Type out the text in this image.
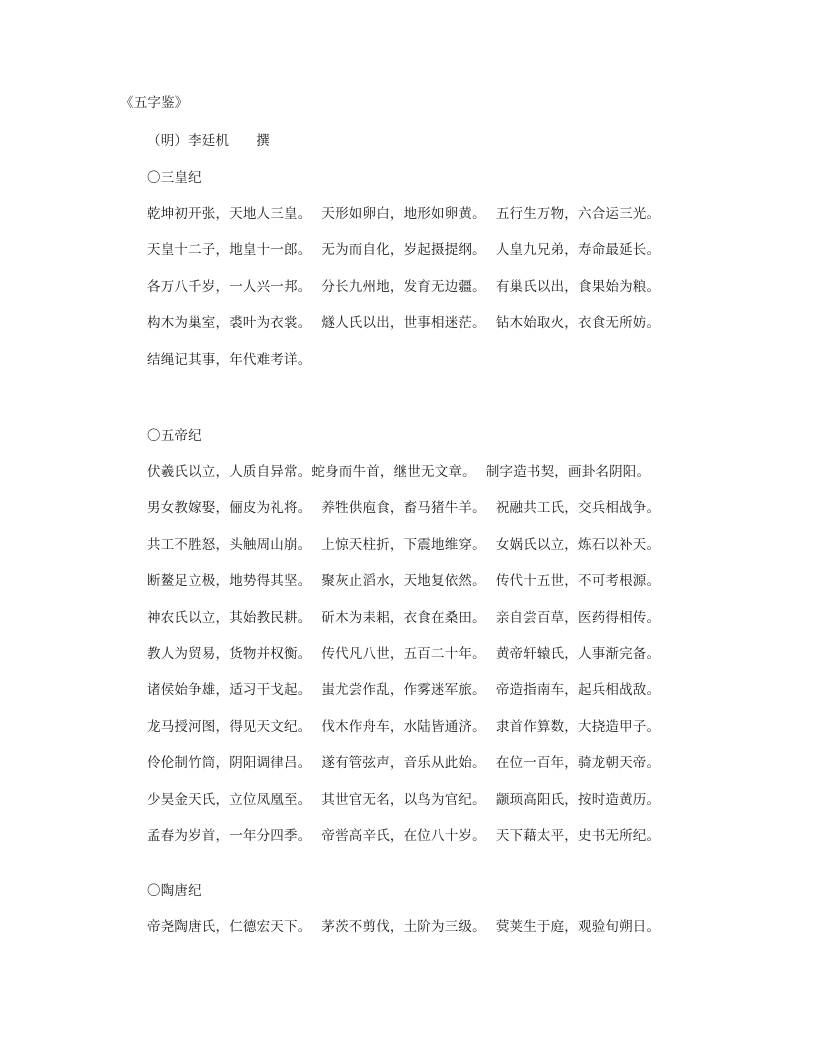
《五字鉴》
（明）李廷机      撰
〇三皇纪
乾坤初开张，天地人三皇。 天形如卵白，地形如卵黄。 五行生万物，六合运三光。
天皇十二子，地皇十一郎。 无为而自化，岁起摄提纲。 人皇九兄弟，寿命最延长。
各万八千岁，一人兴一邦。 分长九州地，发育无边疆。 有巢氏以出，食果始为粮。
构木为巢室，裘叶为衣裳。 燧人氏以出，世事相迷茫。 钻木始取火，衣食无所妨。
结绳记其事，年代难考详。
〇五帝纪
伏羲氏以立，人质自异常。蛇身而牛首，继世无文章。 制字造书契，画卦名阴阳。
男女教嫁娶，俪皮为礼将。 养牲供庖食，畜马猪牛羊。 祝融共工氏，交兵相战争。
共工不胜怒，头触周山崩。 上惊天柱折，下震地维穿。 女娲氏以立，炼石以补天。
断鳌足立极，地势得其坚。 聚灰止滔水，天地复依然。 传代十五世，不可考根源。
神农氏以立，其始教民耕。 斫木为耒耜，衣食在桑田。 亲自尝百草，医药得相传。
教人为贸易，货物并权衡。 传代凡八世，五百二十年。 黄帝轩辕氏，人事渐完备。
诸侯始争雄，适习干戈起。 蚩尤尝作乱，作雾迷军旅。 帝造指南车，起兵相战敌。
龙马授河图，得见天文纪。 伐木作舟车，水陆皆通济。 隶首作算数，大挠造甲子。
伶伦制竹筒，阴阳调律吕。 遂有管弦声，音乐从此始。 在位一百年，骑龙朝天帝。
少昊金天氏，立位凤凰至。 其世官无名，以鸟为官纪。 颛顼高阳氏，按时造黄历。
孟春为岁首，一年分四季。 帝喾高辛氏，在位八十岁。 天下藉太平，史书无所纪。
〇陶唐纪
帝尧陶唐氏，仁德宏天下。 茅茨不剪伐，土阶为三级。 蓂荚生于庭，观验旬朔日。
